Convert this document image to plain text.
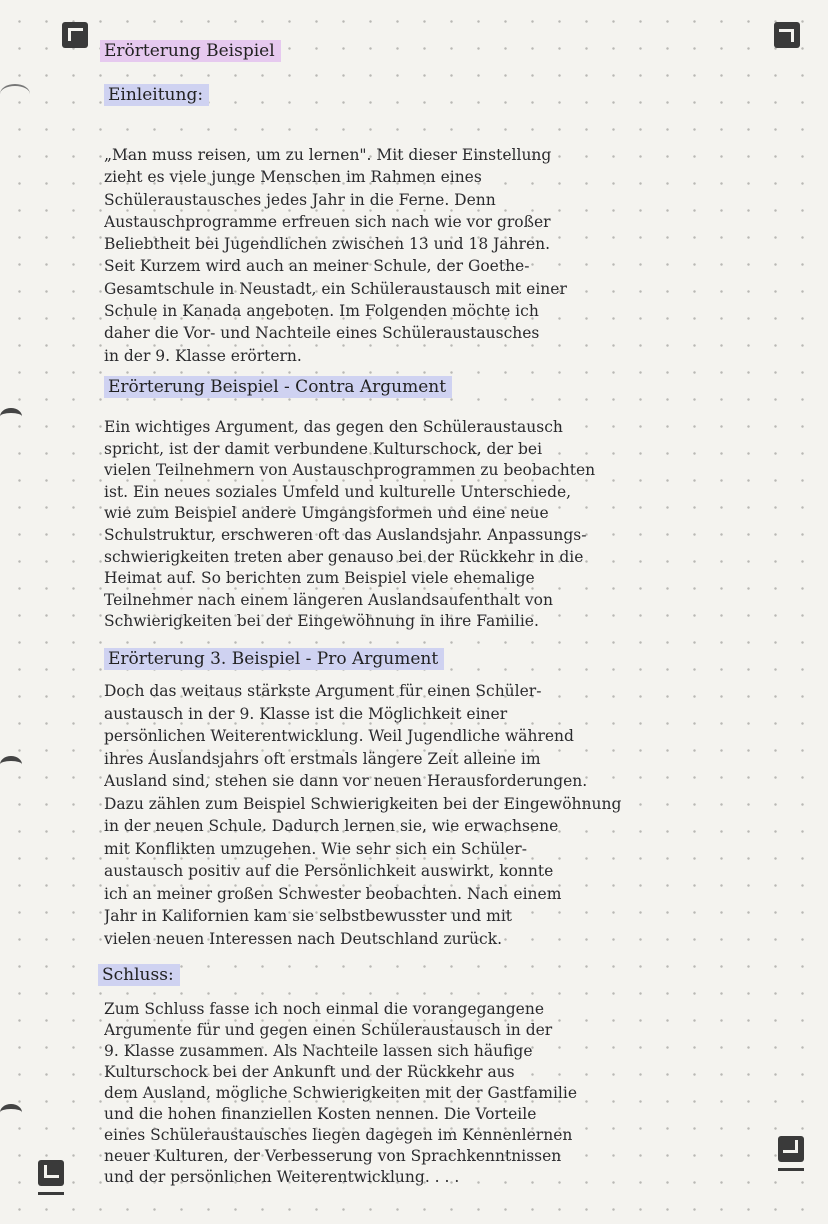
Erörterung Beispiel
Einleitung:
Erörterung Beispiel - Contra Argument
Erörterung 3. Beispiel - Pro Argument
Schluss:
„Man muss reisen, um zu lernen". Mit dieser Einstellung
zieht es viele junge Menschen im Rahmen eines
Schüleraustausches jedes Jahr in die Ferne. Denn
Austauschprogramme erfreuen sich nach wie vor großer
Beliebtheit bei Jugendlichen zwischen 13 und 18 Jahren.
Seit Kurzem wird auch an meiner Schule, der Goethe-
Gesamtschule in Neustadt, ein Schüleraustausch mit einer
Schule in Kanada angeboten. Im Folgenden möchte ich
daher die Vor- und Nachteile eines Schüleraustausches
in der 9. Klasse erörtern.
Ein wichtiges Argument, das gegen den Schüleraustausch
spricht, ist der damit verbundene Kulturschock, der bei
vielen Teilnehmern von Austauschprogrammen zu beobachten
ist. Ein neues soziales Umfeld und kulturelle Unterschiede,
wie zum Beispiel andere Umgangsformen und eine neue
Schulstruktur, erschweren oft das Auslandsjahr. Anpassungs-
schwierigkeiten treten aber genauso bei der Rückkehr in die
Heimat auf. So berichten zum Beispiel viele ehemalige
Teilnehmer nach einem längeren Auslandsaufenthalt von
Schwierigkeiten bei der Eingewöhnung in ihre Familie.
Doch das weitaus stärkste Argument für einen Schüler-
austausch in der 9. Klasse ist die Möglichkeit einer
persönlichen Weiterentwicklung. Weil Jugendliche während
ihres Auslandsjahrs oft erstmals längere Zeit alleine im
Ausland sind, stehen sie dann vor neuen Herausforderungen.
Dazu zählen zum Beispiel Schwierigkeiten bei der Eingewöhnung
in der neuen Schule. Dadurch lernen sie, wie erwachsene
mit Konflikten umzugehen. Wie sehr sich ein Schüler-
austausch positiv auf die Persönlichkeit auswirkt, konnte
ich an meiner großen Schwester beobachten. Nach einem
Jahr in Kalifornien kam sie selbstbewusster und mit
vielen neuen Interessen nach Deutschland zurück.
Zum Schluss fasse ich noch einmal die vorangegangene
Argumente für und gegen einen Schüleraustausch in der
9. Klasse zusammen. Als Nachteile lassen sich häufige
Kulturschock bei der Ankunft und der Rückkehr aus
dem Ausland, mögliche Schwierigkeiten mit der Gastfamilie
und die hohen finanziellen Kosten nennen. Die Vorteile
eines Schüleraustausches liegen dagegen im Kennenlernen
neuer Kulturen, der Verbesserung von Sprachkenntnissen
und der persönlichen Weiterentwicklung. . . .
